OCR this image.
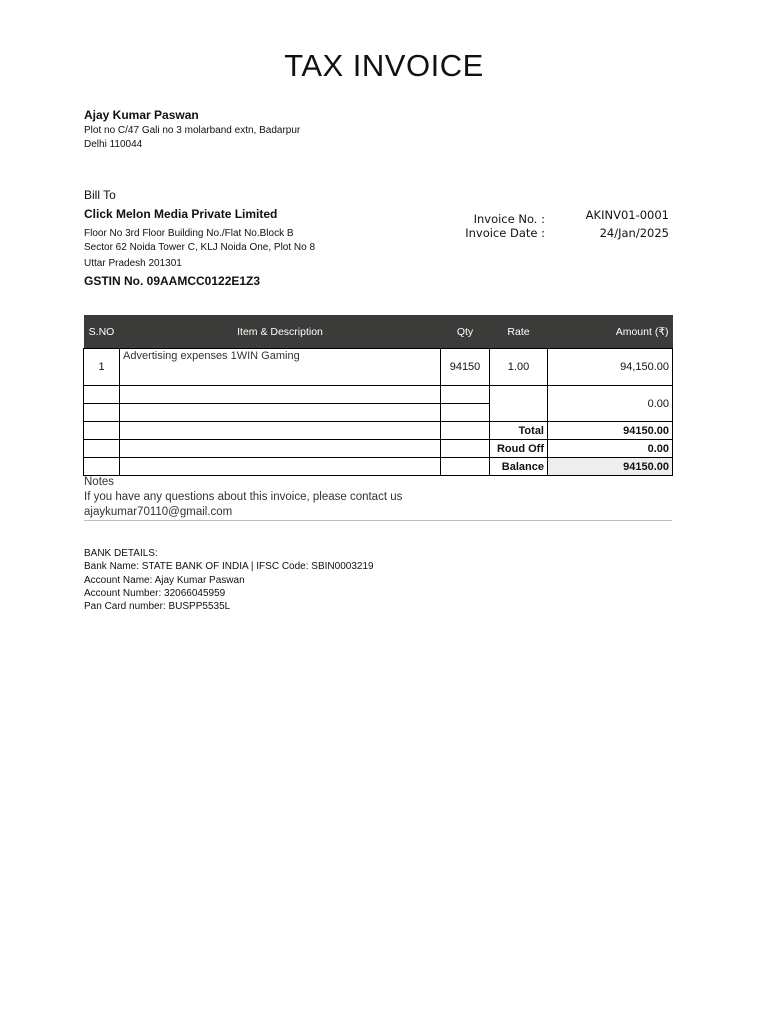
TAX INVOICE
Ajay Kumar Paswan
Plot no C/47 Gali no 3 molarband extn, Badarpur
Delhi 110044
Bill To
Click Melon Media Private Limited
Floor No 3rd Floor Building No./Flat No.Block B
Sector 62 Noida Tower C, KLJ Noida One, Plot No 8
Uttar Pradesh 201301
GSTIN No. 09AAMCC0122E1Z3
Invoice No. :	AKINV01-0001
Invoice Date :	24/Jan/2025
S.NO	Item & Description	Qty	Rate	Amount (₹)
1	Advertising expenses 1WIN Gaming	94150	1.00	94,150.00
				0.00

			Total	94150.00
			Roud Off	0.00
			Balance	94150.00
Notes
If you have any questions about this invoice, please contact us
ajaykumar70110@gmail.com
BANK DETAILS:
Bank Name: STATE BANK OF INDIA | IFSC Code: SBIN0003219
Account Name: Ajay Kumar Paswan
Account Number: 32066045959
Pan Card number: BUSPP5535L
